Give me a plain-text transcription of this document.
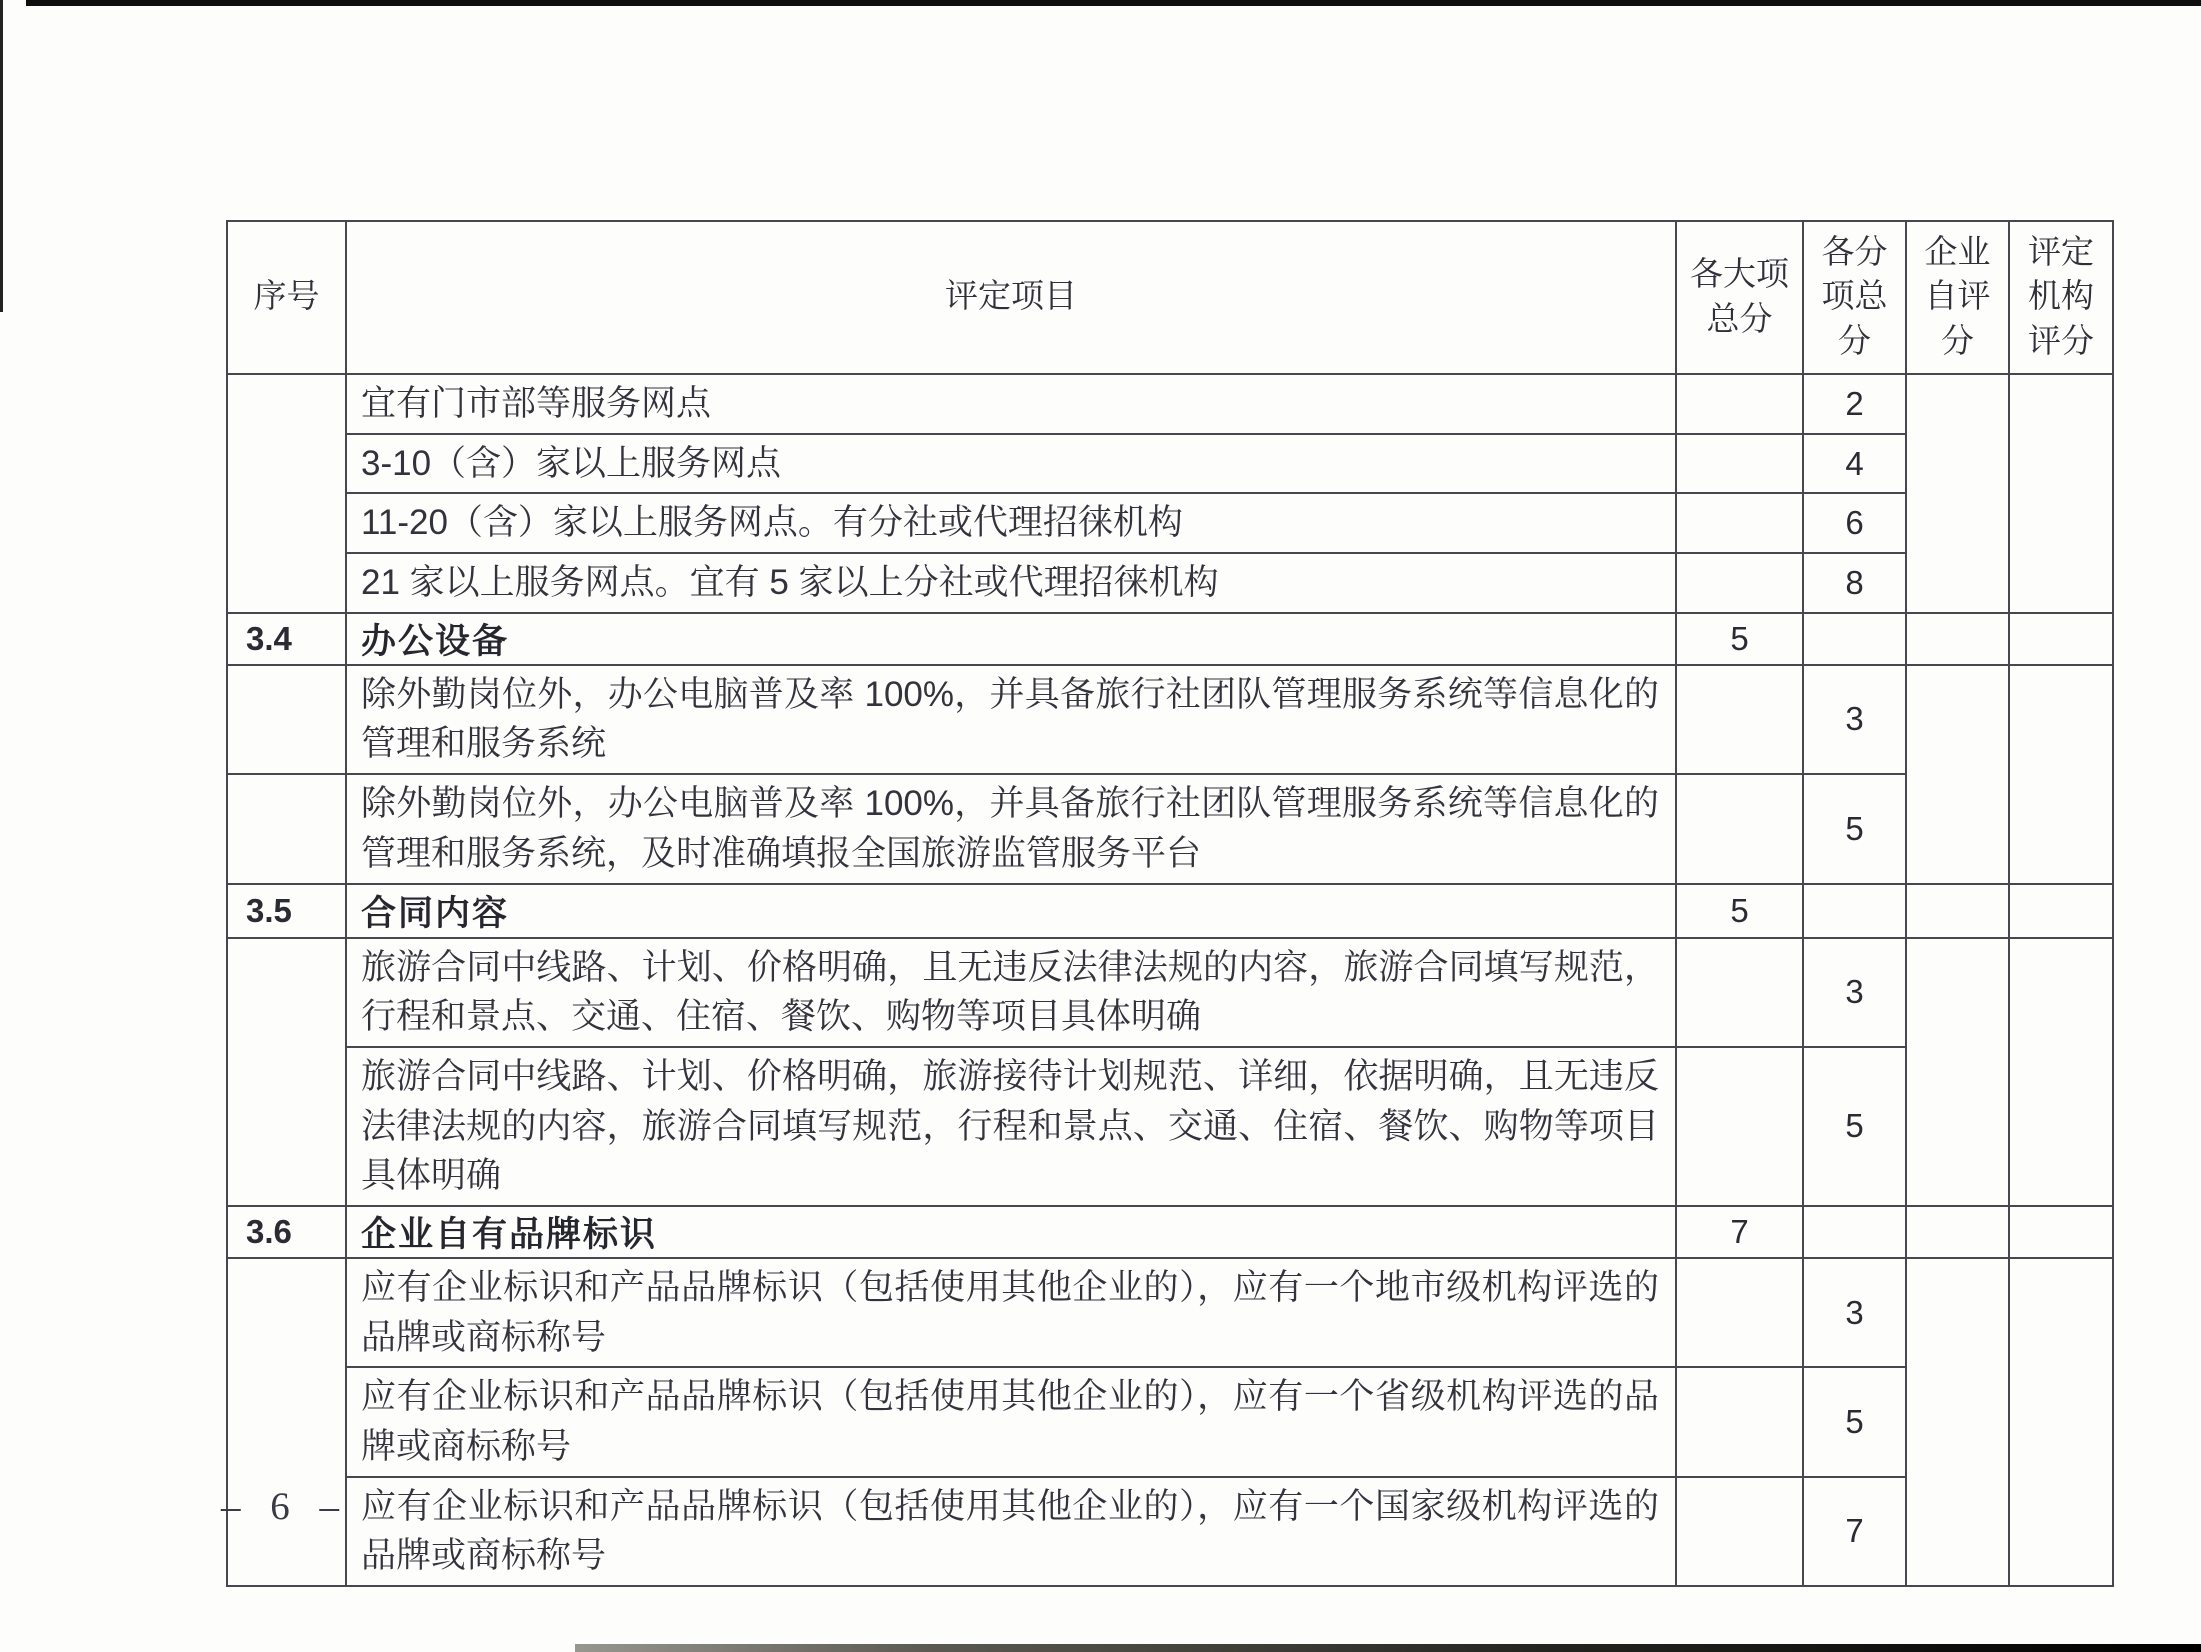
序号	评定项目	各大项总分	各分项总分	企业自评分	评定机构评分
	宜有门市部等服务网点		2		
	3-10（含）家以上服务网点		4		
	11-20（含）家以上服务网点。有分社或代理招徕机构		6		
	21 家以上服务网点。宜有 5 家以上分社或代理招徕机构		8		
3.4	办公设备	5			
	除外勤岗位外，办公电脑普及率 100%，并具备旅行社团队管理服务系统等信息化的管理和服务系统		3		
	除外勤岗位外，办公电脑普及率 100%，并具备旅行社团队管理服务系统等信息化的管理和服务系统，及时准确填报全国旅游监管服务平台		5		
3.5	合同内容	5			
	旅游合同中线路、计划、价格明确，且无违反法律法规的内容，旅游合同填写规范，行程和景点、交通、住宿、餐饮、购物等项目具体明确		3		
	旅游合同中线路、计划、价格明确，旅游接待计划规范、详细，依据明确，且无违反法律法规的内容，旅游合同填写规范，行程和景点、交通、住宿、餐饮、购物等项目具体明确		5		
3.6	企业自有品牌标识	7			
	应有企业标识和产品品牌标识（包括使用其他企业的），应有一个地市级机构评选的品牌或商标称号		3		
	应有企业标识和产品品牌标识（包括使用其他企业的），应有一个省级机构评选的品牌或商标称号		5		
	应有企业标识和产品品牌标识（包括使用其他企业的），应有一个国家级机构评选的品牌或商标称号		7		
– 6 –
